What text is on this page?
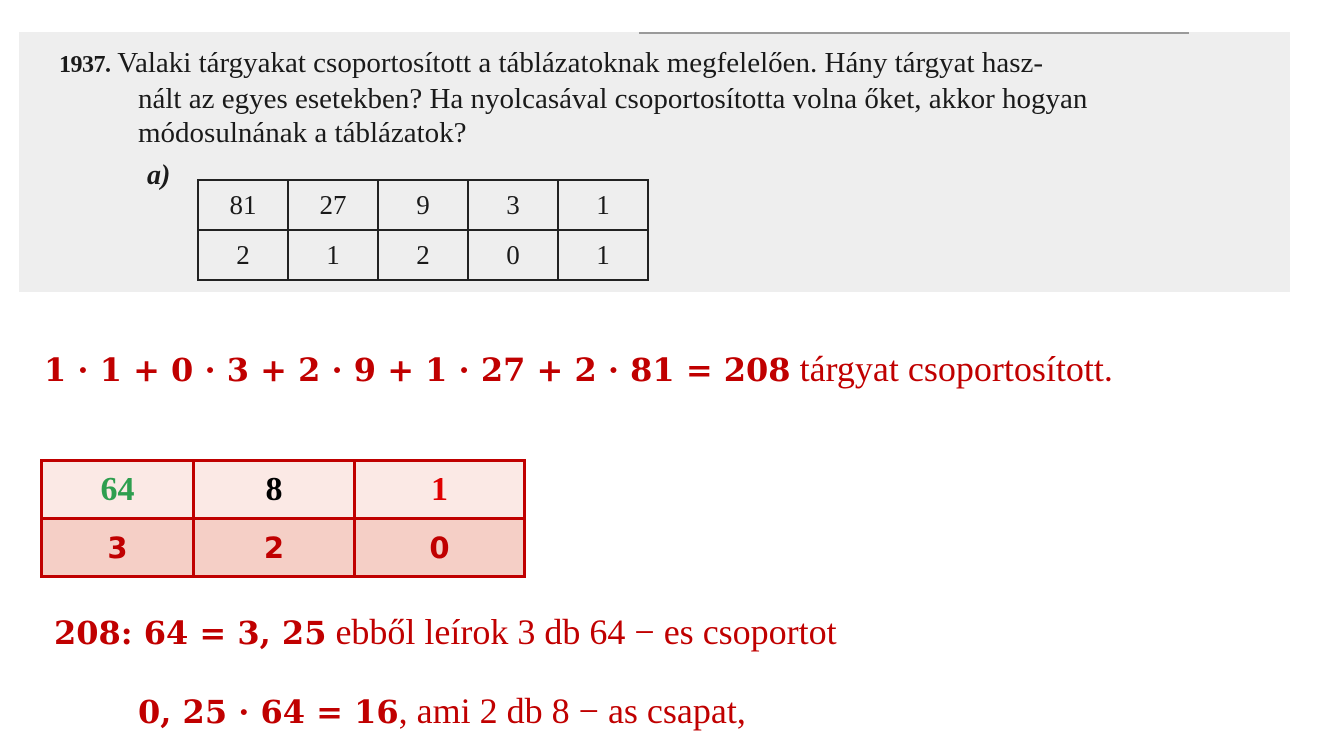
1937. Valaki tárgyakat csoportosított a táblázatoknak megfelelően. Hány tárgyat hasz-
nált az egyes esetekben? Ha nyolcasával csoportosította volna őket, akkor hogyan
módosulnának a táblázatok?
a)
81	27	9	3	1
2	1	2	0	1
1 · 1 + 0 · 3 + 2 · 9 + 1 · 27 + 2 · 81 = 208 tárgyat csoportosított.
64	8	1
3	2	0
208: 64 = 3, 25 ebből leírok 3 db 64 − es csoportot
0, 25 · 64 = 16, ami 2 db 8 − as csapat,
